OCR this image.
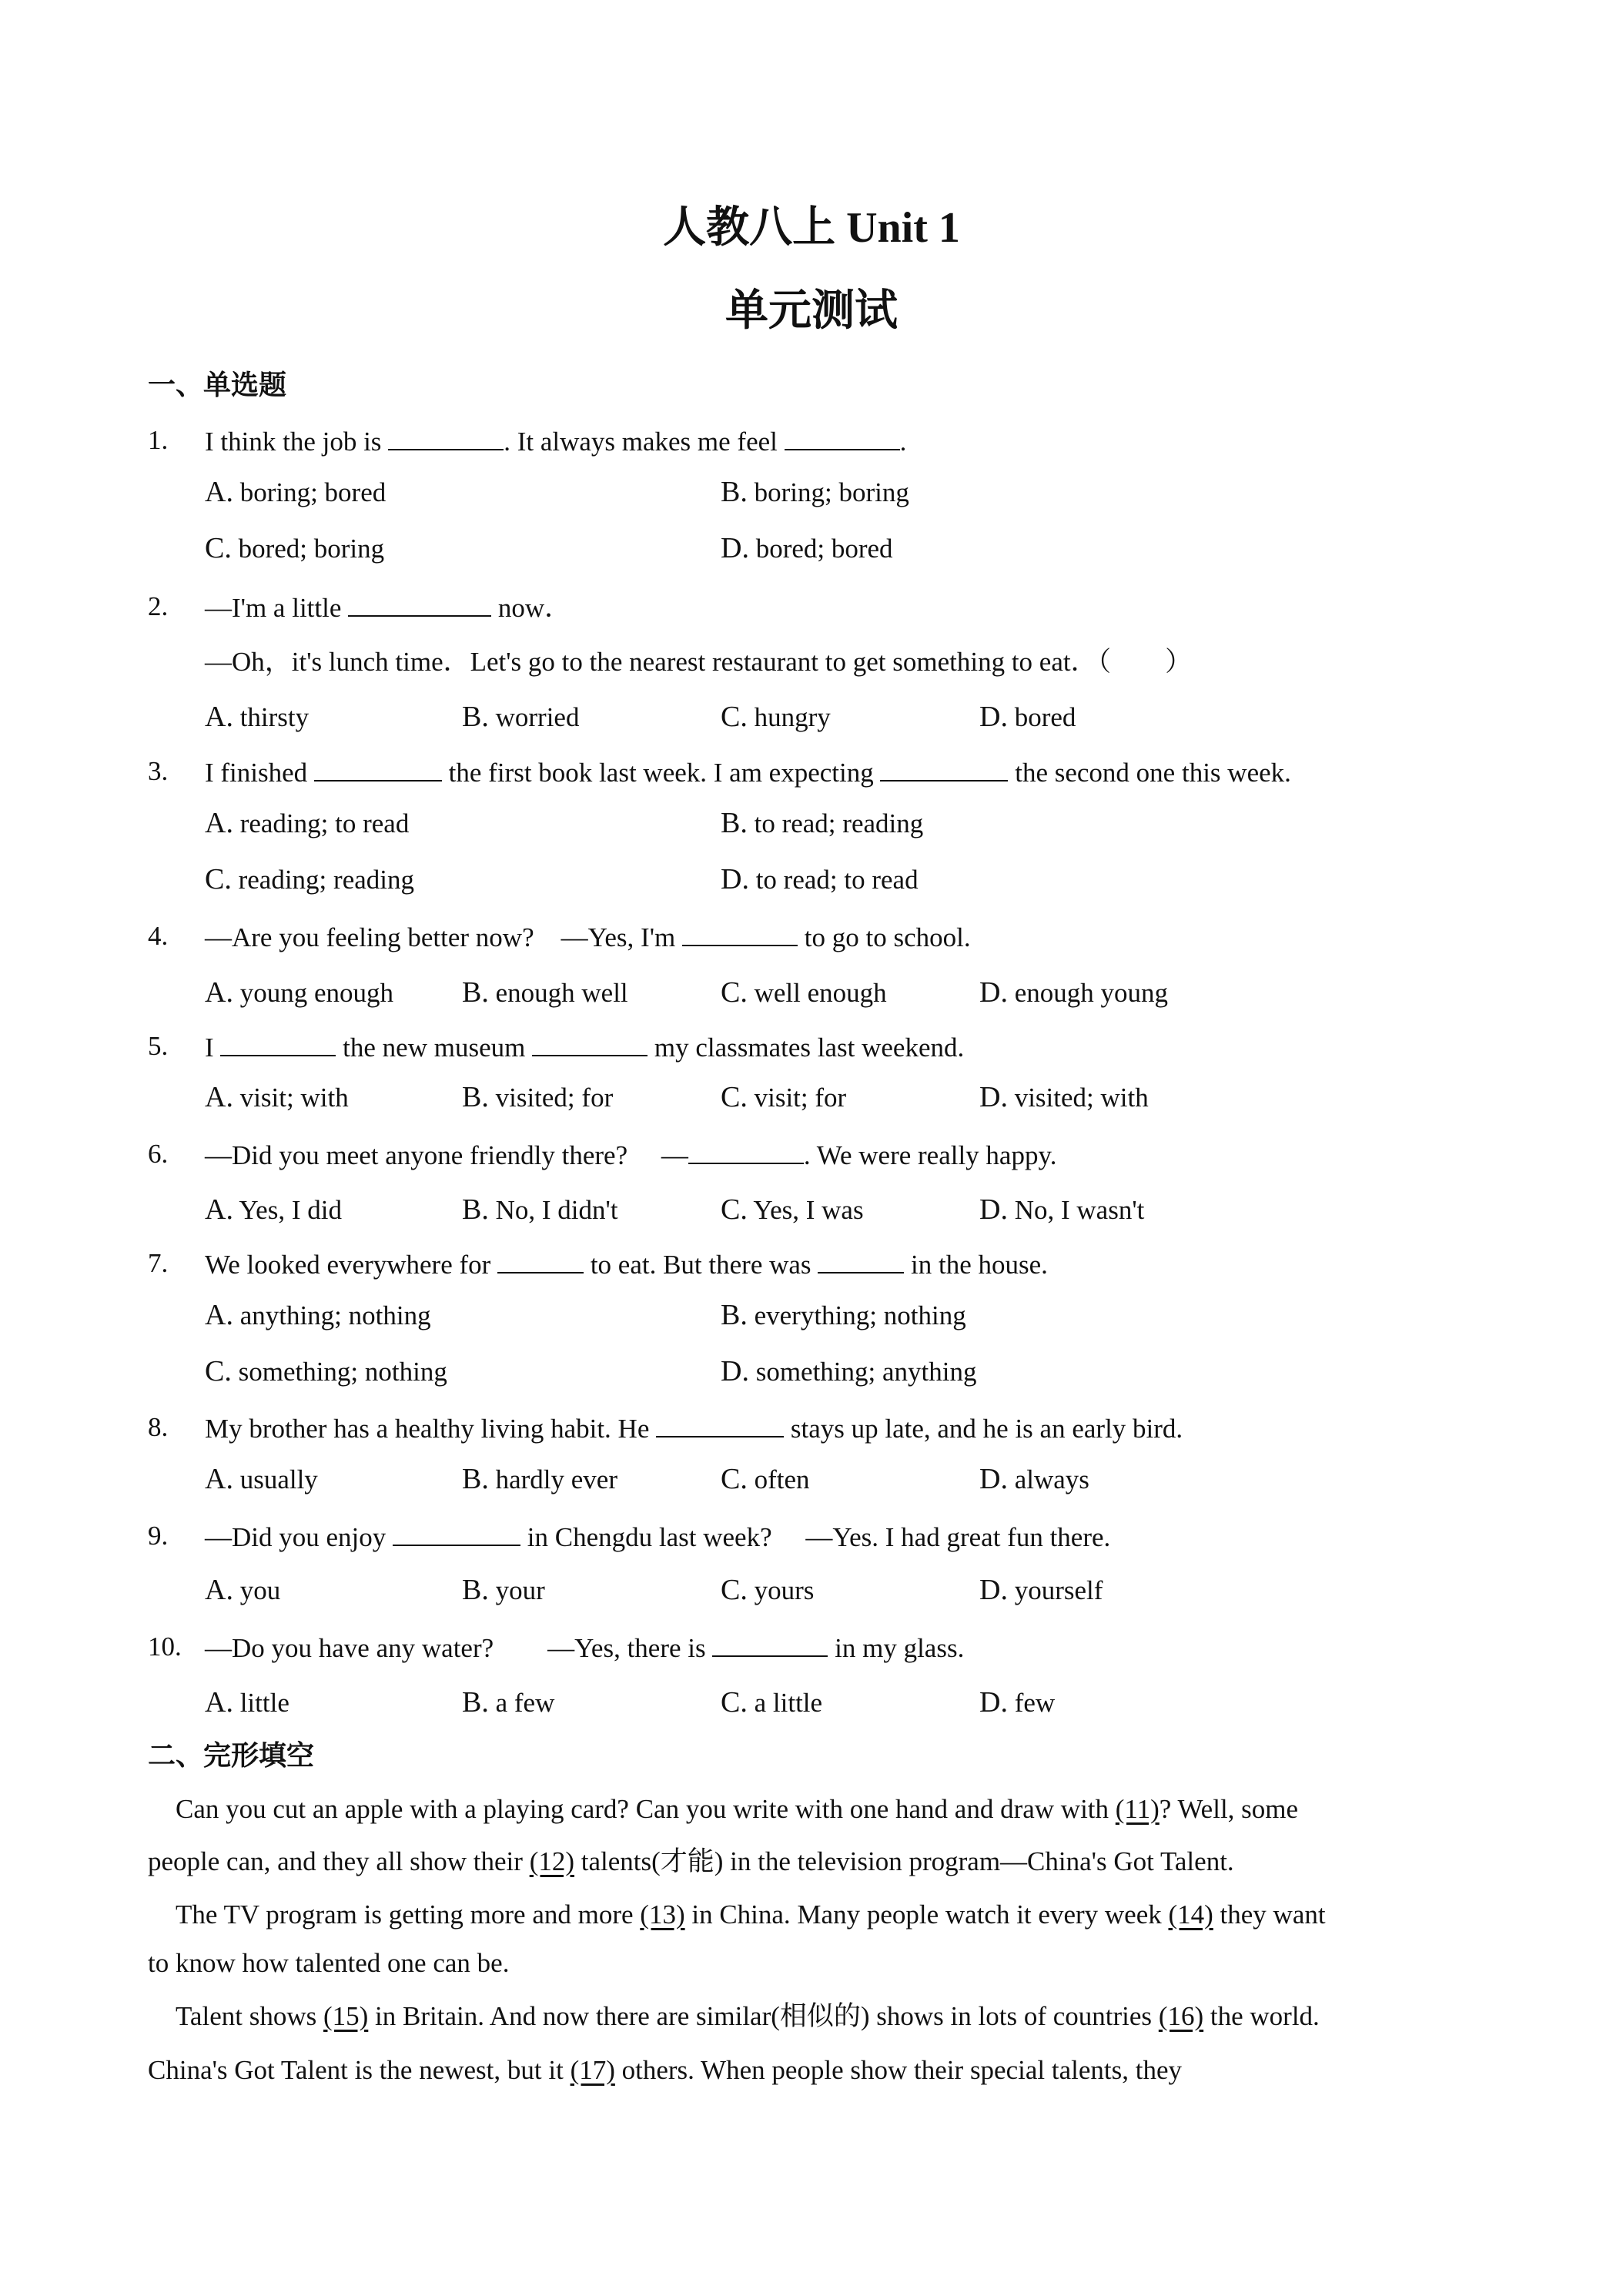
人教八上 Unit 1
单元测试
一、单选题
1. I think the job is	. It always makes me feel	.
A. boring; bored	B. boring; boring
C. bored; boring	D. bored; bored
2. —I'm a little	now．
—Oh，it's lunch time．Let's go to the nearest restaurant to get something to eat．（　　）
A. thirsty	B. worried	C. hungry	D. bored
3. I finished	the first book last week. I am expecting	the second one this week.
A. reading; to read	B. to read; reading
C. reading; reading	D. to read; to read
4. —Are you feeling better now?　—Yes, I'm	to go to school.
A. young enough B. enough well	C. well enough	D. enough young
5. I	the new museum	my classmates last weekend.
A. visit; with	B. visited; for	C. visit; for	D. visited; with
6. —Did you meet anyone friendly there?　 —	. We were really happy.
A. Yes, I did	B. No, I didn't	C. Yes, I was	D. No, I wasn't
7. We looked everywhere for	to eat. But there was	in the house.
A. anything; nothing	B. everything; nothing
C. something; nothing	D. something; anything
8. My brother has a healthy living habit. He	stays up late, and he is an early bird.
A. usually	B. hardly ever	C. often	D. always
9. —Did you enjoy	in Chengdu last week?　 —Yes. I had great fun there.
A. you	B. your	C. yours	D. yourself
10. —Do you have any water?　　—Yes, there is	in my glass.
A. little	B. a few	C. a little	D. few
二、完形填空
Can you cut an apple with a playing card? Can you write with one hand and draw with (11)? Well, some
people can, and they all show their (12) talents(才能) in the television program—China's Got Talent.
The TV program is getting more and more (13) in China. Many people watch it every week (14) they want
to know how talented one can be.
Talent shows (15) in Britain. And now there are similar(相似的) shows in lots of countries (16) the world.
China's Got Talent is the newest, but it (17) others. When people show their special talents, they
